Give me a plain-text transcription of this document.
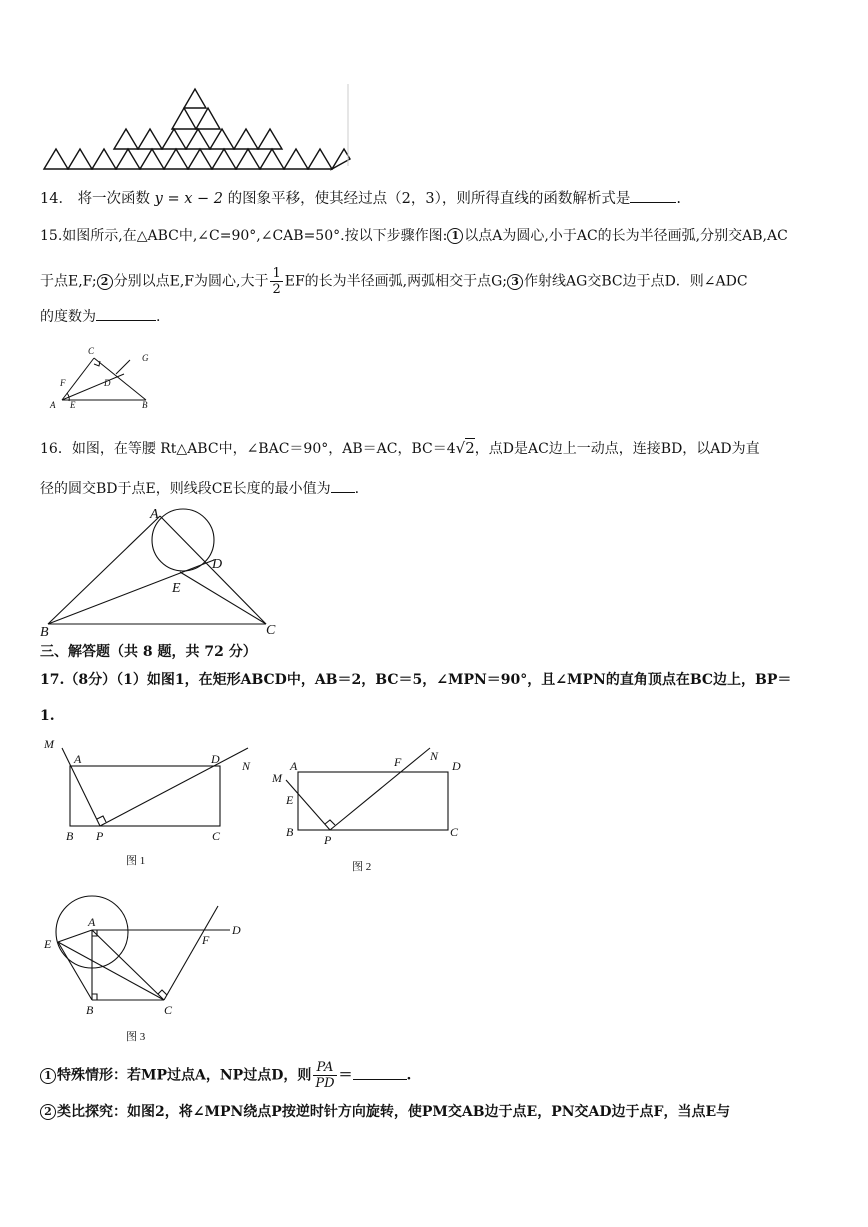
14． 将一次函数 y = x − 2 的图象平移，使其经过点（2，3），则所得直线的函数解析式是	.
15.如图所示,在△ABC中,∠C=90°,∠CAB=50°.按以下步骤作图: 1 以点A为圆心,小于AC的长为半径画弧,分别交AB,AC
于点E,F; 2 分别以点E,F为圆心,大于 $\frac{1}{2}$ EF的长为半径画弧,两弧相交于点G; 3 作射线AG交BC边于点D．则∠ADC
的度数为	.
C
G
F	D
A E	B
16．如图，在等腰 Rt△ABC中，∠BAC＝90°，AB＝AC，BC＝4√2，点D是AC边上一动点，连接BD，以AD为直
径的圆交BD于点E，则线段CE长度的最小值为 .
A
D
E
B	C
三、解答题（共 8 题，共 72 分）
17.（8分）（1）如图1，在矩形ABCD中，AB＝2，BC＝5，∠MPN＝90°，且∠MPN的直角顶点在BC边上，BP＝
1.
M
A	D N
B P	C
图 1
A	F N
D
M
E
B
P
C
图 2
A
E	F
D
B	C
图 3
1 特殊情形：若MP过点A，NP过点D，则 $\frac{PA}{PD}$ ＝	.
2 类比探究：如图2，将∠MPN绕点P按逆时针方向旋转，使PM交AB边于点E，PN交AD边于点F，当点E与
